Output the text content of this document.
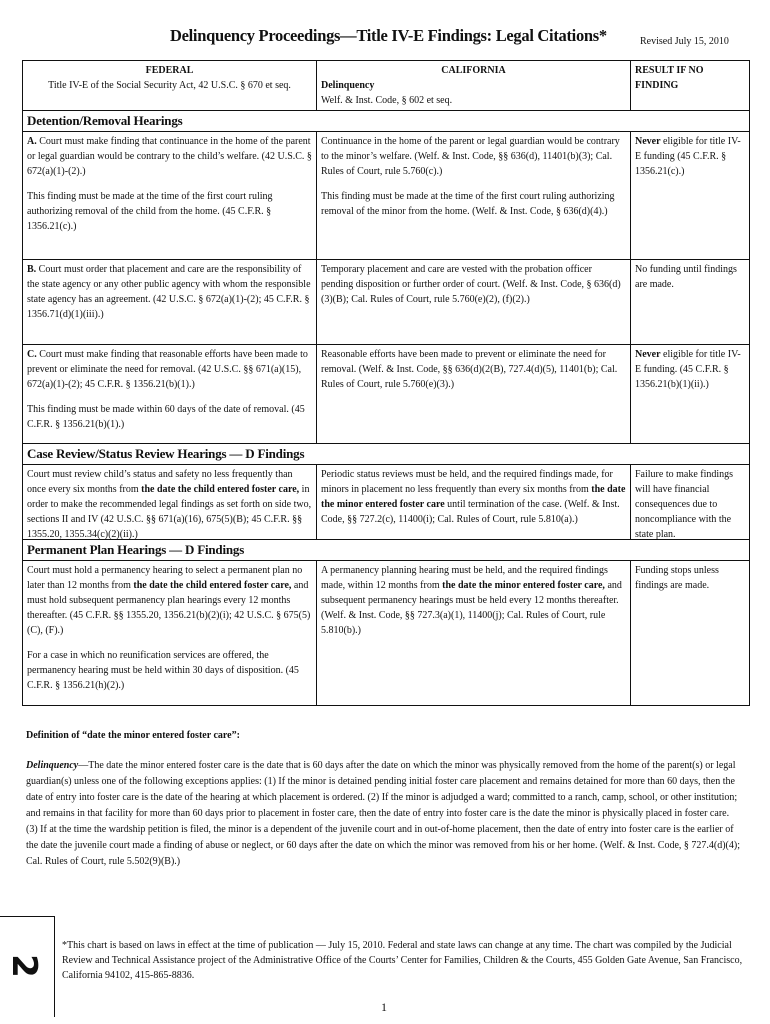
Delinquency Proceedings—Title IV-E Findings: Legal Citations*	Revised July 15, 2010
FEDERAL
Title IV-E of the Social Security Act, 42 U.S.C. § 670 et seq.
CALIFORNIA
Delinquency
Welf. & Inst. Code, § 602 et seq.
RESULT IF NO FINDING
Detention/Removal Hearings
A. Court must make finding that continuance in the home of the parent or legal guardian would be contrary to the child’s welfare. (42 U.S.C. § 672(a)(1)-(2).)
This finding must be made at the time of the first court ruling authorizing removal of the child from the home. (45 C.F.R. § 1356.21(c).)
Continuance in the home of the parent or legal guardian would be contrary to the minor’s welfare. (Welf. & Inst. Code, §§ 636(d), 11401(b)(3); Cal. Rules of Court, rule 5.760(c).)
This finding must be made at the time of the first court ruling authorizing removal of the minor from the home. (Welf. & Inst. Code, § 636(d)(4).)
Never eligible for title IV-E funding (45 C.F.R. § 1356.21(c).)
B. Court must order that placement and care are the responsibility of the state agency or any other public agency with whom the responsible state agency has an agreement. (42 U.S.C. § 672(a)(1)-(2); 45 C.F.R. § 1356.71(d)(1)(iii).)
Temporary placement and care are vested with the probation officer pending disposition or further order of court. (Welf. & Inst. Code, § 636(d)(3)(B); Cal. Rules of Court, rule 5.760(e)(2), (f)(2).)
No funding until findings are made.
C. Court must make finding that reasonable efforts have been made to prevent or eliminate the need for removal. (42 U.S.C. §§ 671(a)(15), 672(a)(1)-(2); 45 C.F.R. § 1356.21(b)(1).)
This finding must be made within 60 days of the date of removal. (45 C.F.R. § 1356.21(b)(1).)
Reasonable efforts have been made to prevent or eliminate the need for removal. (Welf. & Inst. Code, §§ 636(d)(2(B), 727.4(d)(5), 11401(b); Cal. Rules of Court, rule 5.760(e)(3).)
Never eligible for title IV-E funding. (45 C.F.R. § 1356.21(b)(1)(ii).)
Case Review/Status Review Hearings — D Findings
Court must review child’s status and safety no less frequently than once every six months from the date the child entered foster care, in order to make the recommended legal findings as set forth on side two, sections II and IV (42 U.S.C. §§ 671(a)(16), 675(5)(B); 45 C.F.R. §§ 1355.20, 1355.34(c)(2)(ii).)
Periodic status reviews must be held, and the required findings made, for minors in placement no less frequently than every six months from the date the minor entered foster care until termination of the case. (Welf. & Inst. Code, §§ 727.2(c), 11400(i); Cal. Rules of Court, rule 5.810(a).)
Failure to make findings will have financial consequences due to noncompliance with the state plan.
Permanent Plan Hearings — D Findings
Court must hold a permanency hearing to select a permanent plan no later than 12 months from the date the child entered foster care, and must hold subsequent permanency plan hearings every 12 months thereafter. (45 C.F.R. §§ 1355.20, 1356.21(b)(2)(i); 42 U.S.C. § 675(5)(C), (F).)
For a case in which no reunification services are offered, the permanency hearing must be held within 30 days of disposition. (45 C.F.R. § 1356.21(h)(2).)
A permanency planning hearing must be held, and the required findings made, within 12 months from the date the minor entered foster care, and subsequent permanency hearings must be held every 12 months thereafter. (Welf. & Inst. Code, §§ 727.3(a)(1), 11400(j); Cal. Rules of Court, rule 5.810(b).)
Funding stops unless findings are made.
Definition of “date the minor entered foster care”:
Delinquency—The date the minor entered foster care is the date that is 60 days after the date on which the minor was physically removed from the home of the parent(s) or legal guardian(s) unless one of the following exceptions applies: (1) If the minor is detained pending initial foster care placement and remains detained for more than 60 days, then the date of entry into foster care is the date of the hearing at which placement is ordered. (2) If the minor is adjudged a ward; committed to a ranch, camp, school, or other institution; and remains in that facility for more than 60 days prior to placement in foster care, then the date of entry into foster care is the date the minor is physically placed in foster care. (3) If at the time the wardship petition is filed, the minor is a dependent of the juvenile court and in out-of-home placement, then the date of entry into foster care is the earlier of the date the juvenile court made a finding of abuse or neglect, or 60 days after the date on which the minor was removed from his or her home. (Welf. & Inst. Code, § 727.4(d)(4); Cal. Rules of Court, rule 5.502(9)(B).)
2
*This chart is based on laws in effect at the time of publication — July 15, 2010. Federal and state laws can change at any time. The chart was compiled by the Judicial Review and Technical Assistance project of the Administrative Office of the Courts’ Center for Families, Children & the Courts, 455 Golden Gate Avenue, San Francisco, California 94102, 415-865-8836.
1
